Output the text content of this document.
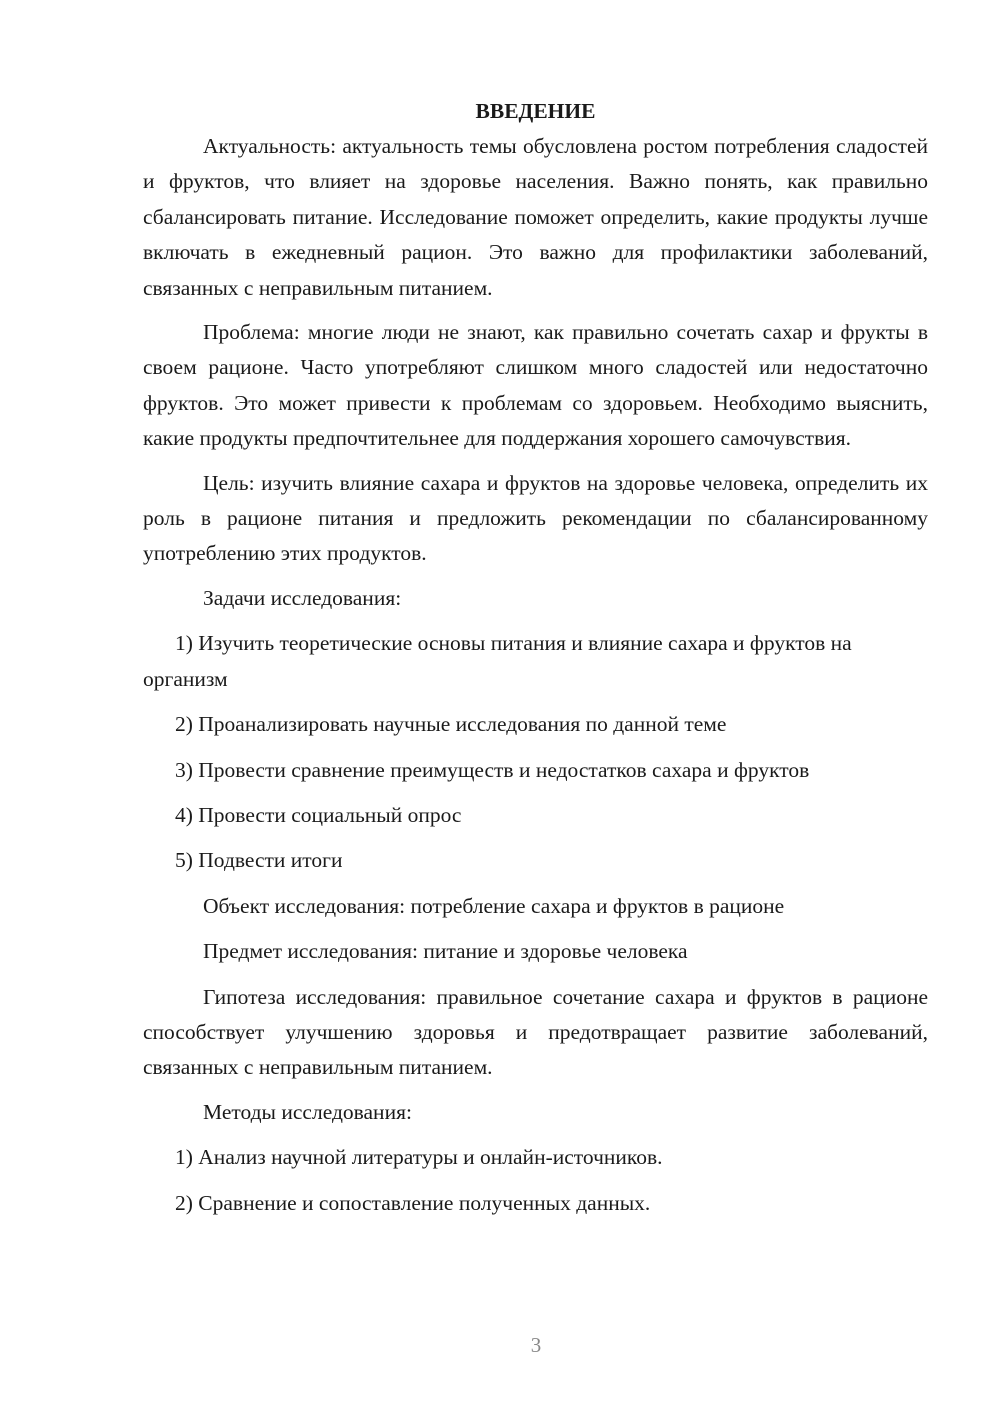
ВВЕДЕНИЕ

Актуальность: актуальность темы обусловлена ростом потребления сладостей и фруктов, что влияет на здоровье населения. Важно понять, как правильно сбалансировать питание. Исследование поможет определить, какие продукты лучше включать в ежедневный рацион. Это важно для профилактики заболеваний, связанных с неправильным питанием.

Проблема: многие люди не знают, как правильно сочетать сахар и фрукты в своем рационе. Часто употребляют слишком много сладостей или недостаточно фруктов. Это может привести к проблемам со здоровьем. Необходимо выяснить, какие продукты предпочтительнее для поддержания хорошего самочувствия.

Цель: изучить влияние сахара и фруктов на здоровье человека, определить их роль в рационе питания и предложить рекомендации по сбалансированному употреблению этих продуктов.

Задачи исследования:
1) Изучить теоретические основы питания и влияние сахара и фруктов на организм
2) Проанализировать научные исследования по данной теме
3) Провести сравнение преимуществ и недостатков сахара и фруктов
4) Провести социальный опрос
5) Подвести итоги
Объект исследования: потребление сахара и фруктов в рационе
Предмет исследования: питание и здоровье человека

Гипотеза исследования: правильное сочетание сахара и фруктов в рационе способствует улучшению здоровья и предотвращает развитие заболеваний, связанных с неправильным питанием.

Методы исследования:
1) Анализ научной литературы и онлайн-источников.
2) Сравнение и сопоставление полученных данных.
3
